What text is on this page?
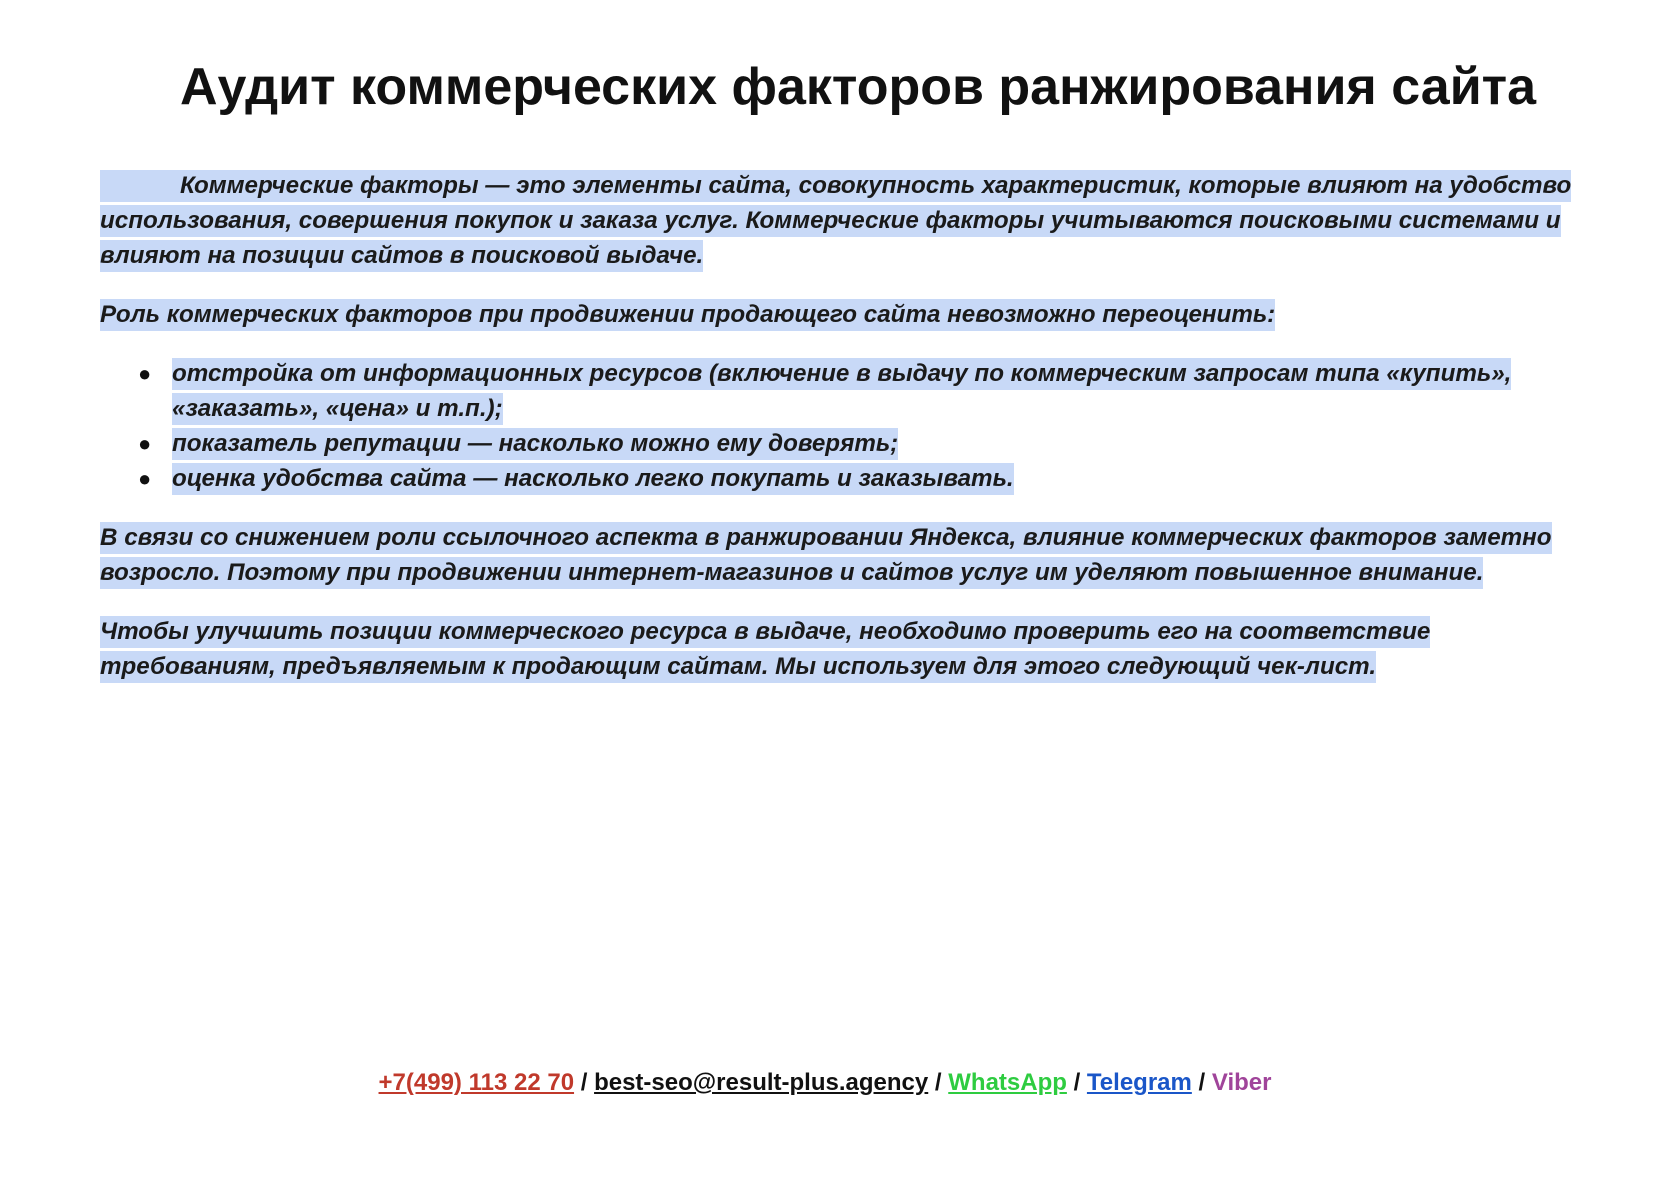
Аудит коммерческих факторов ранжирования сайта

Коммерческие факторы — это элементы сайта, совокупность характеристик, которые влияют на удобство использования, совершения покупок и заказа услуг. Коммерческие факторы учитываются поисковыми системами и влияют на позиции сайтов в поисковой выдаче.

Роль коммерческих факторов при продвижении продающего сайта невозможно переоценить:

● отстройка от информационных ресурсов (включение в выдачу по коммерческим запросам типа «купить», «заказать», «цена» и т.п.);
● показатель репутации — насколько можно ему доверять;
● оценка удобства сайта — насколько легко покупать и заказывать.

В связи со снижением роли ссылочного аспекта в ранжировании Яндекса, влияние коммерческих факторов заметно возросло. Поэтому при продвижении интернет-магазинов и сайтов услуг им уделяют повышенное внимание.

Чтобы улучшить позиции коммерческого ресурса в выдаче, необходимо проверить его на соответствие требованиям, предъявляемым к продающим сайтам. Мы используем для этого следующий чек-лист.

+7(499) 113 22 70 / best-seo@result-plus.agency / WhatsApp / Telegram / Viber
